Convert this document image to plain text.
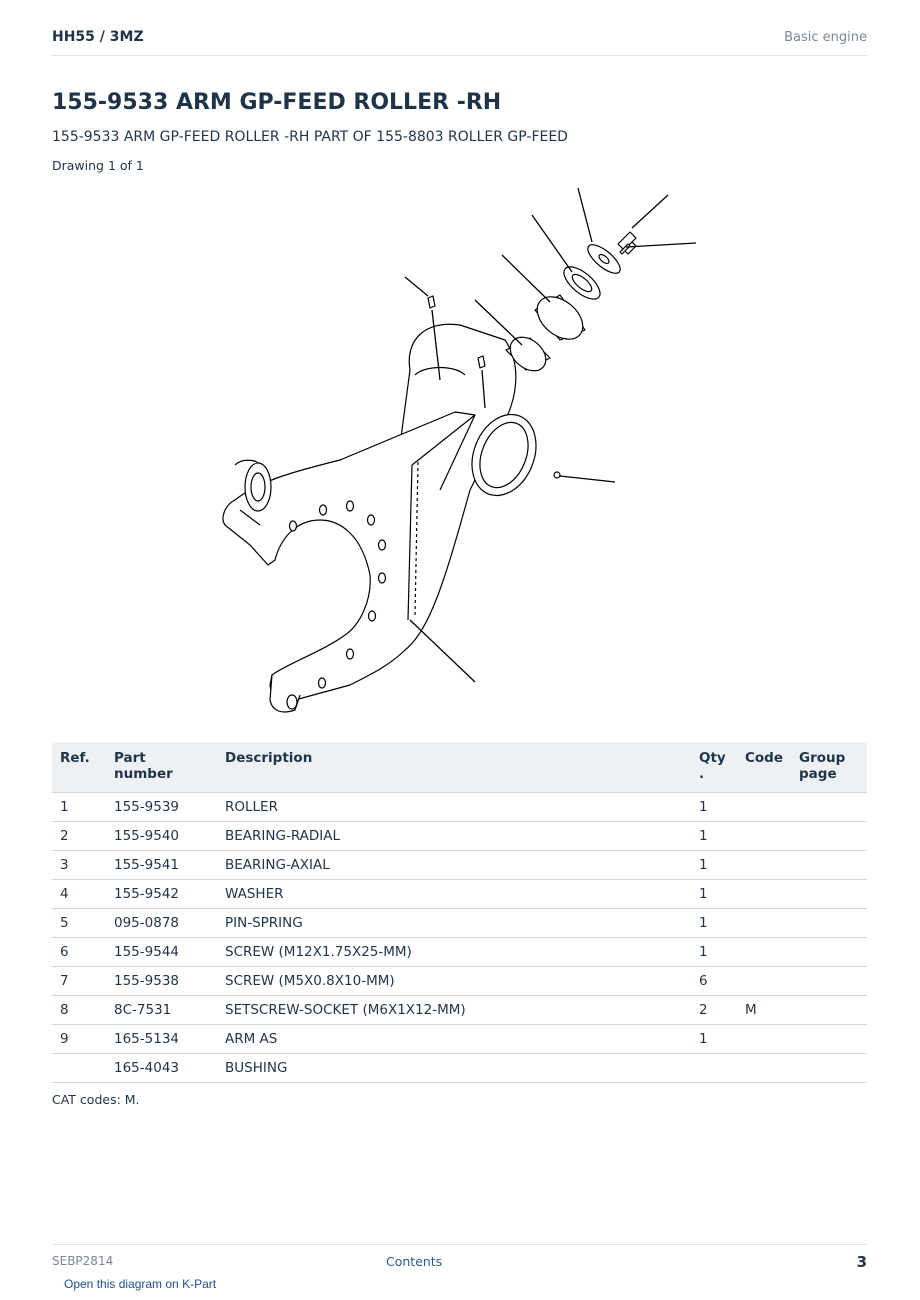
HH55 / 3MZ	Basic engine
155-9533 ARM GP-FEED ROLLER -RH
155-9533 ARM GP-FEED ROLLER -RH PART OF 155-8803 ROLLER GP-FEED
Drawing 1 of 1
Ref.	Part number	Description	Qty .	Code	Group page
1	155-9539	ROLLER	1		
2	155-9540	BEARING-RADIAL	1		
3	155-9541	BEARING-AXIAL	1		
4	155-9542	WASHER	1		
5	095-0878	PIN-SPRING	1		
6	155-9544	SCREW (M12X1.75X25-MM)	1		
7	155-9538	SCREW (M5X0.8X10-MM)	6		
8	8C-7531	SETSCREW-SOCKET (M6X1X12-MM)	2	M	
9	165-5134	ARM AS	1		
	165-4043	BUSHING			
CAT codes: M.
SEBP2814	Contents	3
Open this diagram on K-Part
